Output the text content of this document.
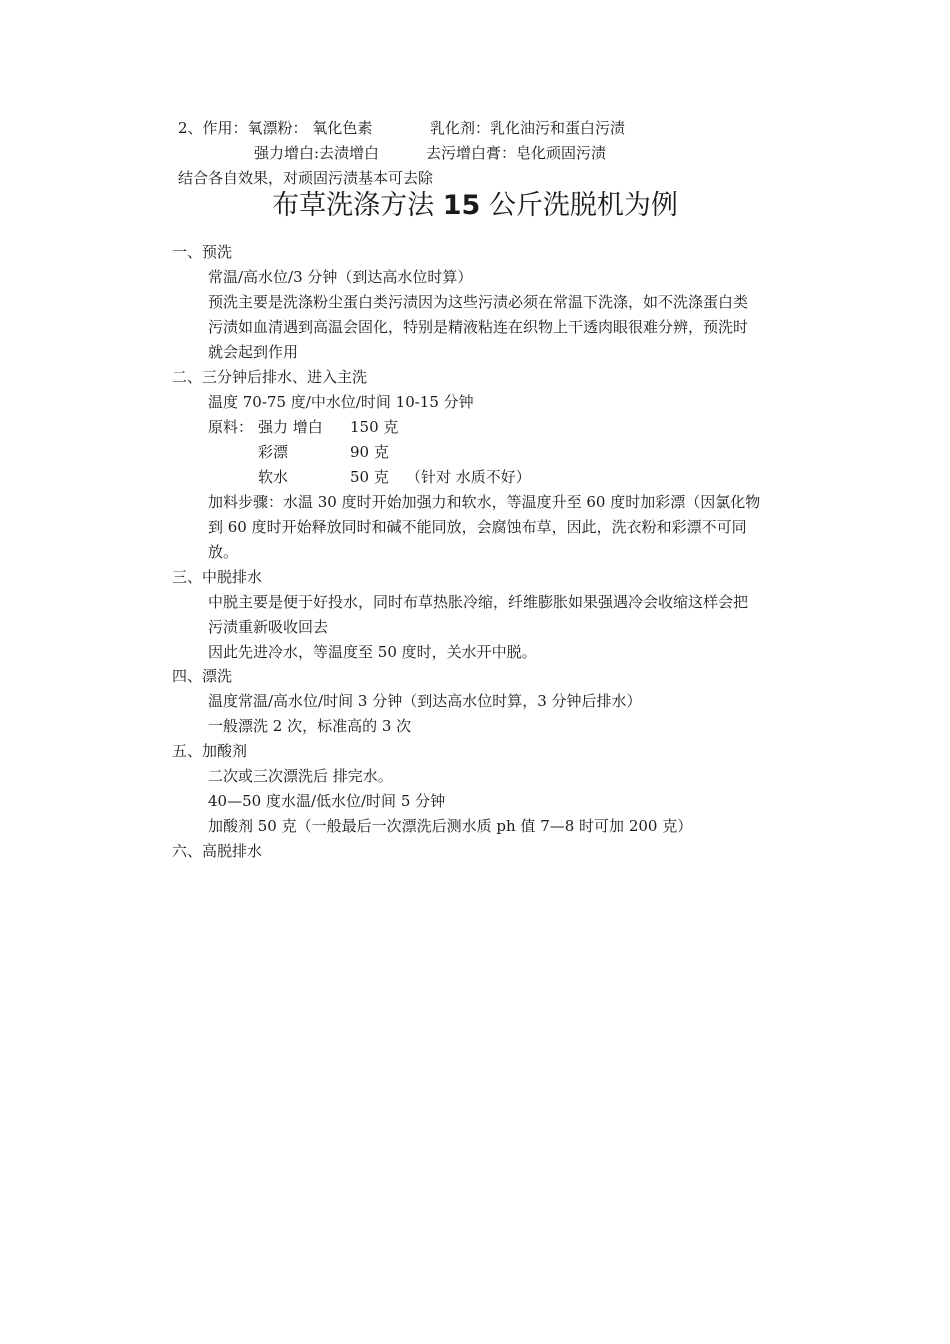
2、作用：氧漂粉： 氧化色素	乳化剂：乳化油污和蛋白污渍
强力增白:去渍增白	去污增白膏：皂化顽固污渍
结合各自效果，对顽固污渍基本可去除
布草洗涤方法 15 公斤洗脱机为例
一、预洗
常温/高水位/3 分钟（到达高水位时算）
预洗主要是洗涤粉尘蛋白类污渍因为这些污渍必须在常温下洗涤，如不洗涤蛋白类
污渍如血清遇到高温会固化，特别是精液粘连在织物上干透肉眼很难分辨，预洗时
就会起到作用
二、三分钟后排水、进入主洗
温度 70-75 度/中水位/时间 10-15 分钟
原料： 强力 增白 150 克
彩漂	90 克
软水	50 克 （针对 水质不好）
加料步骤：水温 30 度时开始加强力和软水，等温度升至 60 度时加彩漂（因氯化物
到 60 度时开始释放同时和碱不能同放，会腐蚀布草，因此，洗衣粉和彩漂不可同
放。
三、中脱排水
中脱主要是便于好投水，同时布草热胀冷缩，纤维膨胀如果强遇冷会收缩这样会把
污渍重新吸收回去
因此先进冷水，等温度至 50 度时，关水开中脱。
四、漂洗
温度常温/高水位/时间 3 分钟（到达高水位时算，3 分钟后排水）
一般漂洗 2 次，标准高的 3 次
五、加酸剂
二次或三次漂洗后 排完水。
40—50 度水温/低水位/时间 5 分钟
加酸剂 50 克（一般最后一次漂洗后测水质 ph 值 7—8 时可加 200 克）
六、高脱排水
